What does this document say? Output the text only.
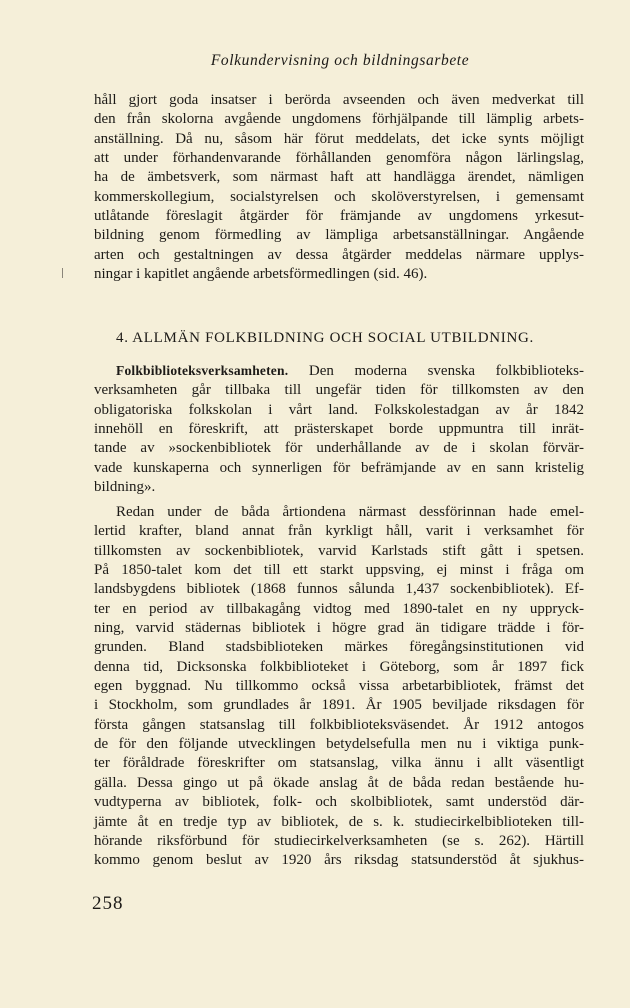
Folkundervisning och bildningsarbete
håll gjort goda insatser i berörda avseenden och även medverkat till
den från skolorna avgående ungdomens förhjälpande till lämplig arbets-
anställning. Då nu, såsom här förut meddelats, det icke synts möjligt
att under förhandenvarande förhållanden genomföra någon lärlingslag,
ha de ämbetsverk, som närmast haft att handlägga ärendet, nämligen
kommerskollegium, socialstyrelsen och skolöverstyrelsen, i gemensamt
utlåtande föreslagit åtgärder för främjande av ungdomens yrkesut-
bildning genom förmedling av lämpliga arbetsanställningar. Angående
arten och gestaltningen av dessa åtgärder meddelas närmare upplys-
ningar i kapitlet angående arbetsförmedlingen (sid. 46).
4. ALLMÄN FOLKBILDNING OCH SOCIAL UTBILDNING.
Folkbiblioteksverksamheten. Den moderna svenska folkbiblioteks-
verksamheten går tillbaka till ungefär tiden för tillkomsten av den
obligatoriska folkskolan i vårt land. Folkskolestadgan av år 1842
innehöll en föreskrift, att prästerskapet borde uppmuntra till inrät-
tande av »sockenbibliotek för underhållande av de i skolan förvär-
vade kunskaperna och synnerligen för befrämjande av en sann kristelig
bildning».
Redan under de båda årtiondena närmast dessförinnan hade emel-
lertid krafter, bland annat från kyrkligt håll, varit i verksamhet för
tillkomsten av sockenbibliotek, varvid Karlstads stift gått i spetsen.
På 1850-talet kom det till ett starkt uppsving, ej minst i fråga om
landsbygdens bibliotek (1868 funnos sålunda 1,437 sockenbibliotek). Ef-
ter en period av tillbakagång vidtog med 1890-talet en ny uppryck-
ning, varvid städernas bibliotek i högre grad än tidigare trädde i för-
grunden. Bland stadsbiblioteken märkes föregångsinstitutionen vid
denna tid, Dicksonska folkbiblioteket i Göteborg, som år 1897 fick
egen byggnad. Nu tillkommo också vissa arbetarbibliotek, främst det
i Stockholm, som grundlades år 1891. År 1905 beviljade riksdagen för
första gången statsanslag till folkbiblioteksväsendet. År 1912 antogos
de för den följande utvecklingen betydelsefulla men nu i viktiga punk-
ter föråldrade föreskrifter om statsanslag, vilka ännu i allt väsentligt
gälla. Dessa gingo ut på ökade anslag åt de båda redan bestående hu-
vudtyperna av bibliotek, folk- och skolbibliotek, samt understöd där-
jämte åt en tredje typ av bibliotek, de s. k. studiecirkelbiblioteken till-
hörande riksförbund för studiecirkelverksamheten (se s. 262). Härtill
kommo genom beslut av 1920 års riksdag statsunderstöd åt sjukhus-
258
